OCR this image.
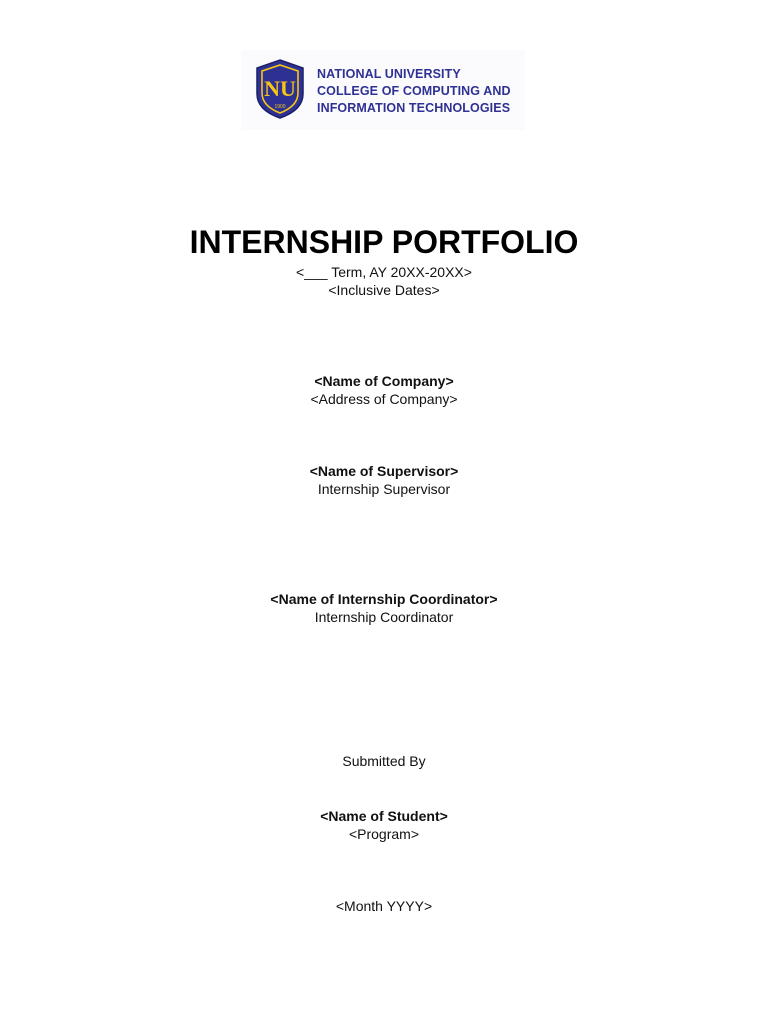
NU
1900
NATIONAL UNIVERSITY
COLLEGE OF COMPUTING AND
INFORMATION TECHNOLOGIES
INTERNSHIP PORTFOLIO
<___ Term, AY 20XX-20XX>
<Inclusive Dates>
<Name of Company>
<Address of Company>
<Name of Supervisor>
Internship Supervisor
<Name of Internship Coordinator>
Internship Coordinator
Submitted By
<Name of Student>
<Program>
<Month YYYY>
